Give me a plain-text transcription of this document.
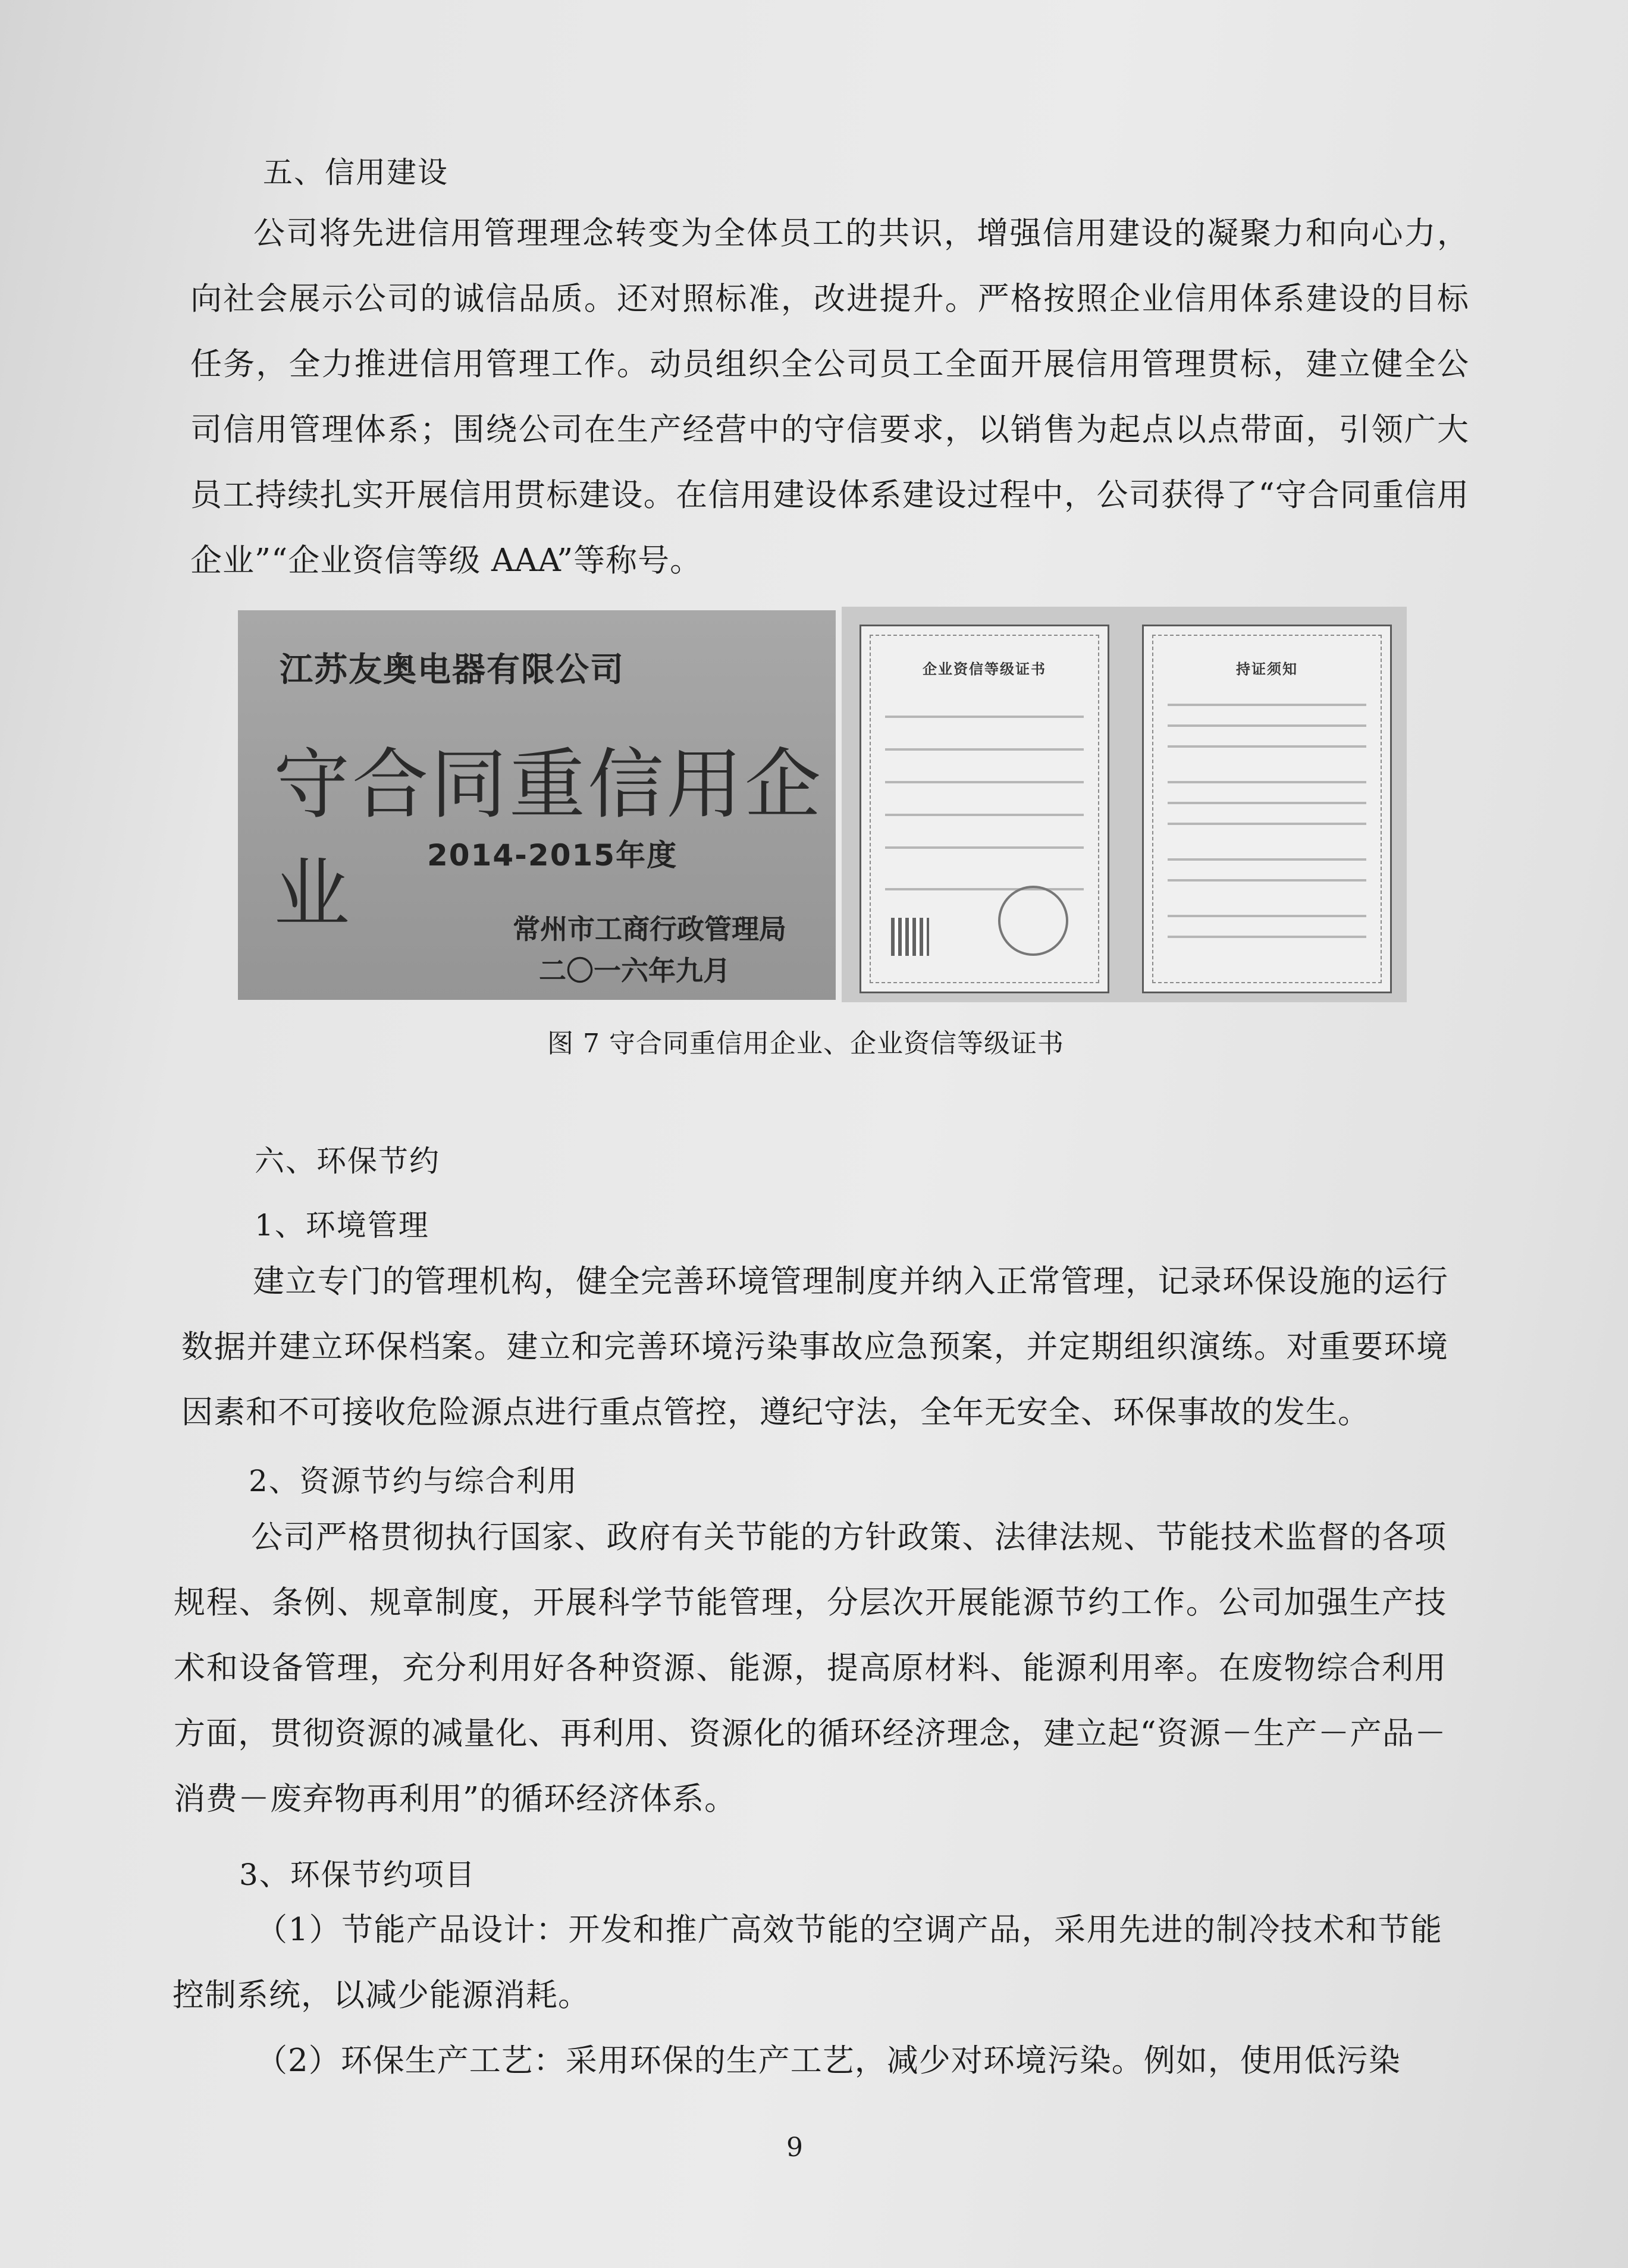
五、信用建设
公司将先进信用管理理念转变为全体员工的共识，增强信用建设的凝聚力和向心力，向社会展示公司的诚信品质。还对照标准，改进提升。严格按照企业信用体系建设的目标任务，全力推进信用管理工作。动员组织全公司员工全面开展信用管理贯标，建立健全公司信用管理体系；围绕公司在生产经营中的守信要求，以销售为起点以点带面，引领广大员工持续扎实开展信用贯标建设。在信用建设体系建设过程中，公司获得了“守合同重信用企业”“企业资信等级 AAA”等称号。
江苏友奥电器有限公司
守合同重信用企业	2014-2015年度
常州市工商行政管理局
二〇一六年九月
企业资信等级证书	持证须知
图 7 守合同重信用企业、企业资信等级证书
六、环保节约
1、环境管理
建立专门的管理机构，健全完善环境管理制度并纳入正常管理，记录环保设施的运行数据并建立环保档案。建立和完善环境污染事故应急预案，并定期组织演练。对重要环境因素和不可接收危险源点进行重点管控，遵纪守法，全年无安全、环保事故的发生。
2、资源节约与综合利用
公司严格贯彻执行国家、政府有关节能的方针政策、法律法规、节能技术监督的各项规程、条例、规章制度，开展科学节能管理，分层次开展能源节约工作。公司加强生产技术和设备管理，充分利用好各种资源、能源，提高原材料、能源利用率。在废物综合利用方面，贯彻资源的减量化、再利用、资源化的循环经济理念，建立起“资源－生产－产品－消费－废弃物再利用”的循环经济体系。
3、环保节约项目
（1）节能产品设计：开发和推广高效节能的空调产品，采用先进的制冷技术和节能控制系统，以减少能源消耗。
（2）环保生产工艺：采用环保的生产工艺，减少对环境污染。例如，使用低污染
9
